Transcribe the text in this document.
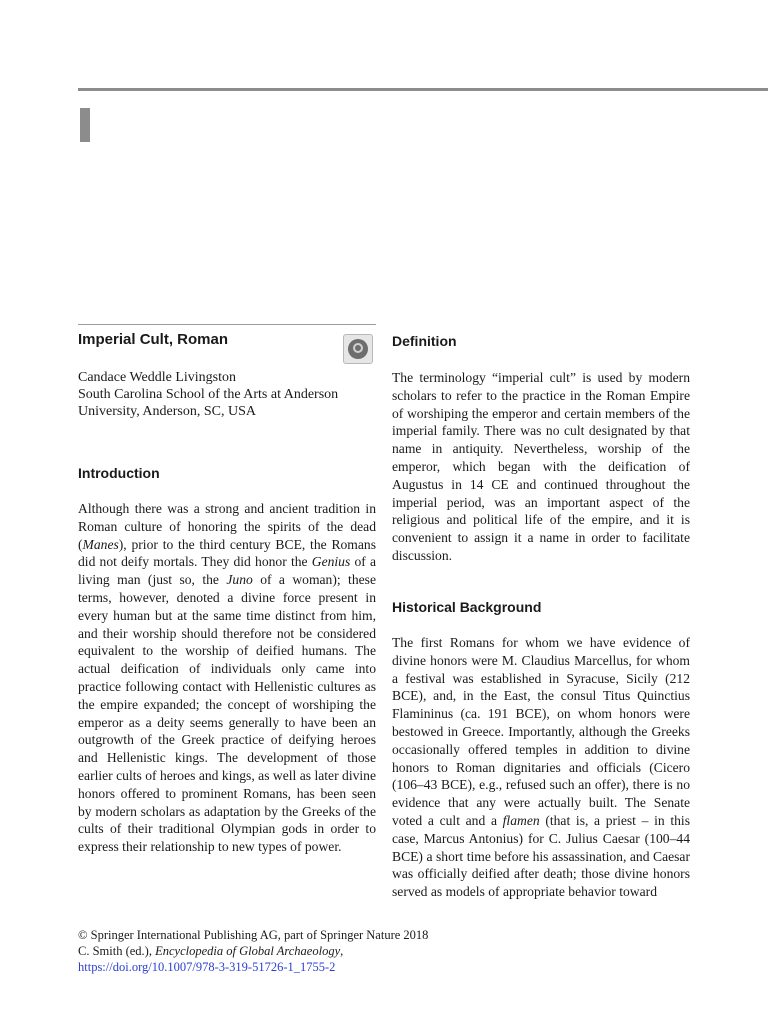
Imperial Cult, Roman
Candace Weddle Livingston
South Carolina School of the Arts at Anderson
University, Anderson, SC, USA
Introduction

Although there was a strong and ancient tradition in Roman culture of honoring the spirits of the dead (Manes), prior to the third century BCE, the Romans did not deify mortals. They did honor the Genius of a living man (just so, the Juno of a woman); these terms, however, denoted a divine force present in every human but at the same time distinct from him, and their worship should therefore not be considered equivalent to the worship of deified humans. The actual deification of individuals only came into practice following contact with Hellenistic cultures as the empire expanded; the concept of worshiping the emperor as a deity seems generally to have been an outgrowth of the Greek practice of deifying heroes and Hellenistic kings. The development of those earlier cults of heroes and kings, as well as later divine honors offered to prominent Romans, has been seen by modern scholars as adaptation by the Greeks of the cults of their traditional Olympian gods in order to express their relationship to new types of power.

Definition

The terminology “imperial cult” is used by modern scholars to refer to the practice in the Roman Empire of worshiping the emperor and certain members of the imperial family. There was no cult designated by that name in antiquity. Nevertheless, worship of the emperor, which began with the deification of Augustus in 14 CE and continued throughout the imperial period, was an important aspect of the religious and political life of the empire, and it is convenient to assign it a name in order to facilitate discussion.

Historical Background

The first Romans for whom we have evidence of divine honors were M. Claudius Marcellus, for whom a festival was established in Syracuse, Sicily (212 BCE), and, in the East, the consul Titus Quinctius Flamininus (ca. 191 BCE), on whom honors were bestowed in Greece. Importantly, although the Greeks occasionally offered temples in addition to divine honors to Roman dignitaries and officials (Cicero (106–43 BCE), e.g., refused such an offer), there is no evidence that any were actually built. The Senate voted a cult and a flamen (that is, a priest – in this case, Marcus Antonius) for C. Julius Caesar (100–44 BCE) a short time before his assassination, and Caesar was officially deified after death; those divine honors served as models of appropriate behavior toward

© Springer International Publishing AG, part of Springer Nature 2018
C. Smith (ed.), Encyclopedia of Global Archaeology,
https://doi.org/10.1007/978-3-319-51726-1_1755-2
